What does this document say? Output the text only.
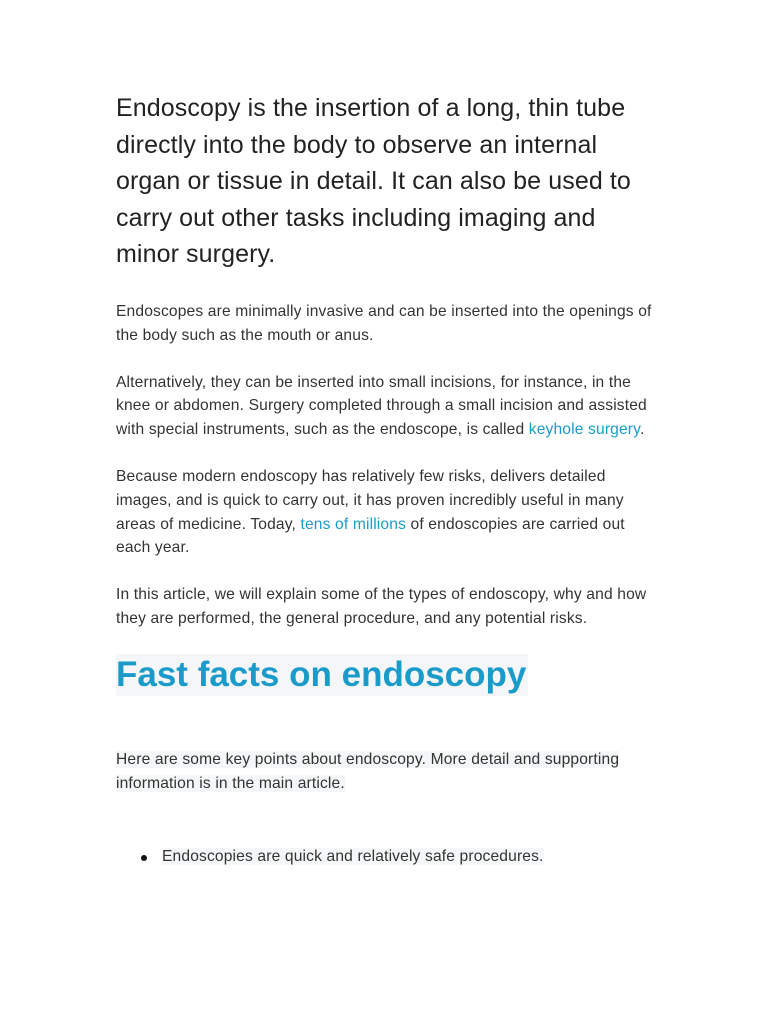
Endoscopy is the insertion of a long, thin tube directly into the body to observe an internal organ or tissue in detail. It can also be used to carry out other tasks including imaging and minor surgery.

Endoscopes are minimally invasive and can be inserted into the openings of the body such as the mouth or anus.

Alternatively, they can be inserted into small incisions, for instance, in the knee or abdomen. Surgery completed through a small incision and assisted with special instruments, such as the endoscope, is called keyhole surgery.

Because modern endoscopy has relatively few risks, delivers detailed images, and is quick to carry out, it has proven incredibly useful in many areas of medicine. Today, tens of millions of endoscopies are carried out each year.

In this article, we will explain some of the types of endoscopy, why and how they are performed, the general procedure, and any potential risks.

Fast facts on endoscopy
Here are some key points about endoscopy. More detail and supporting information is in the main article.
Endoscopies are quick and relatively safe procedures.
